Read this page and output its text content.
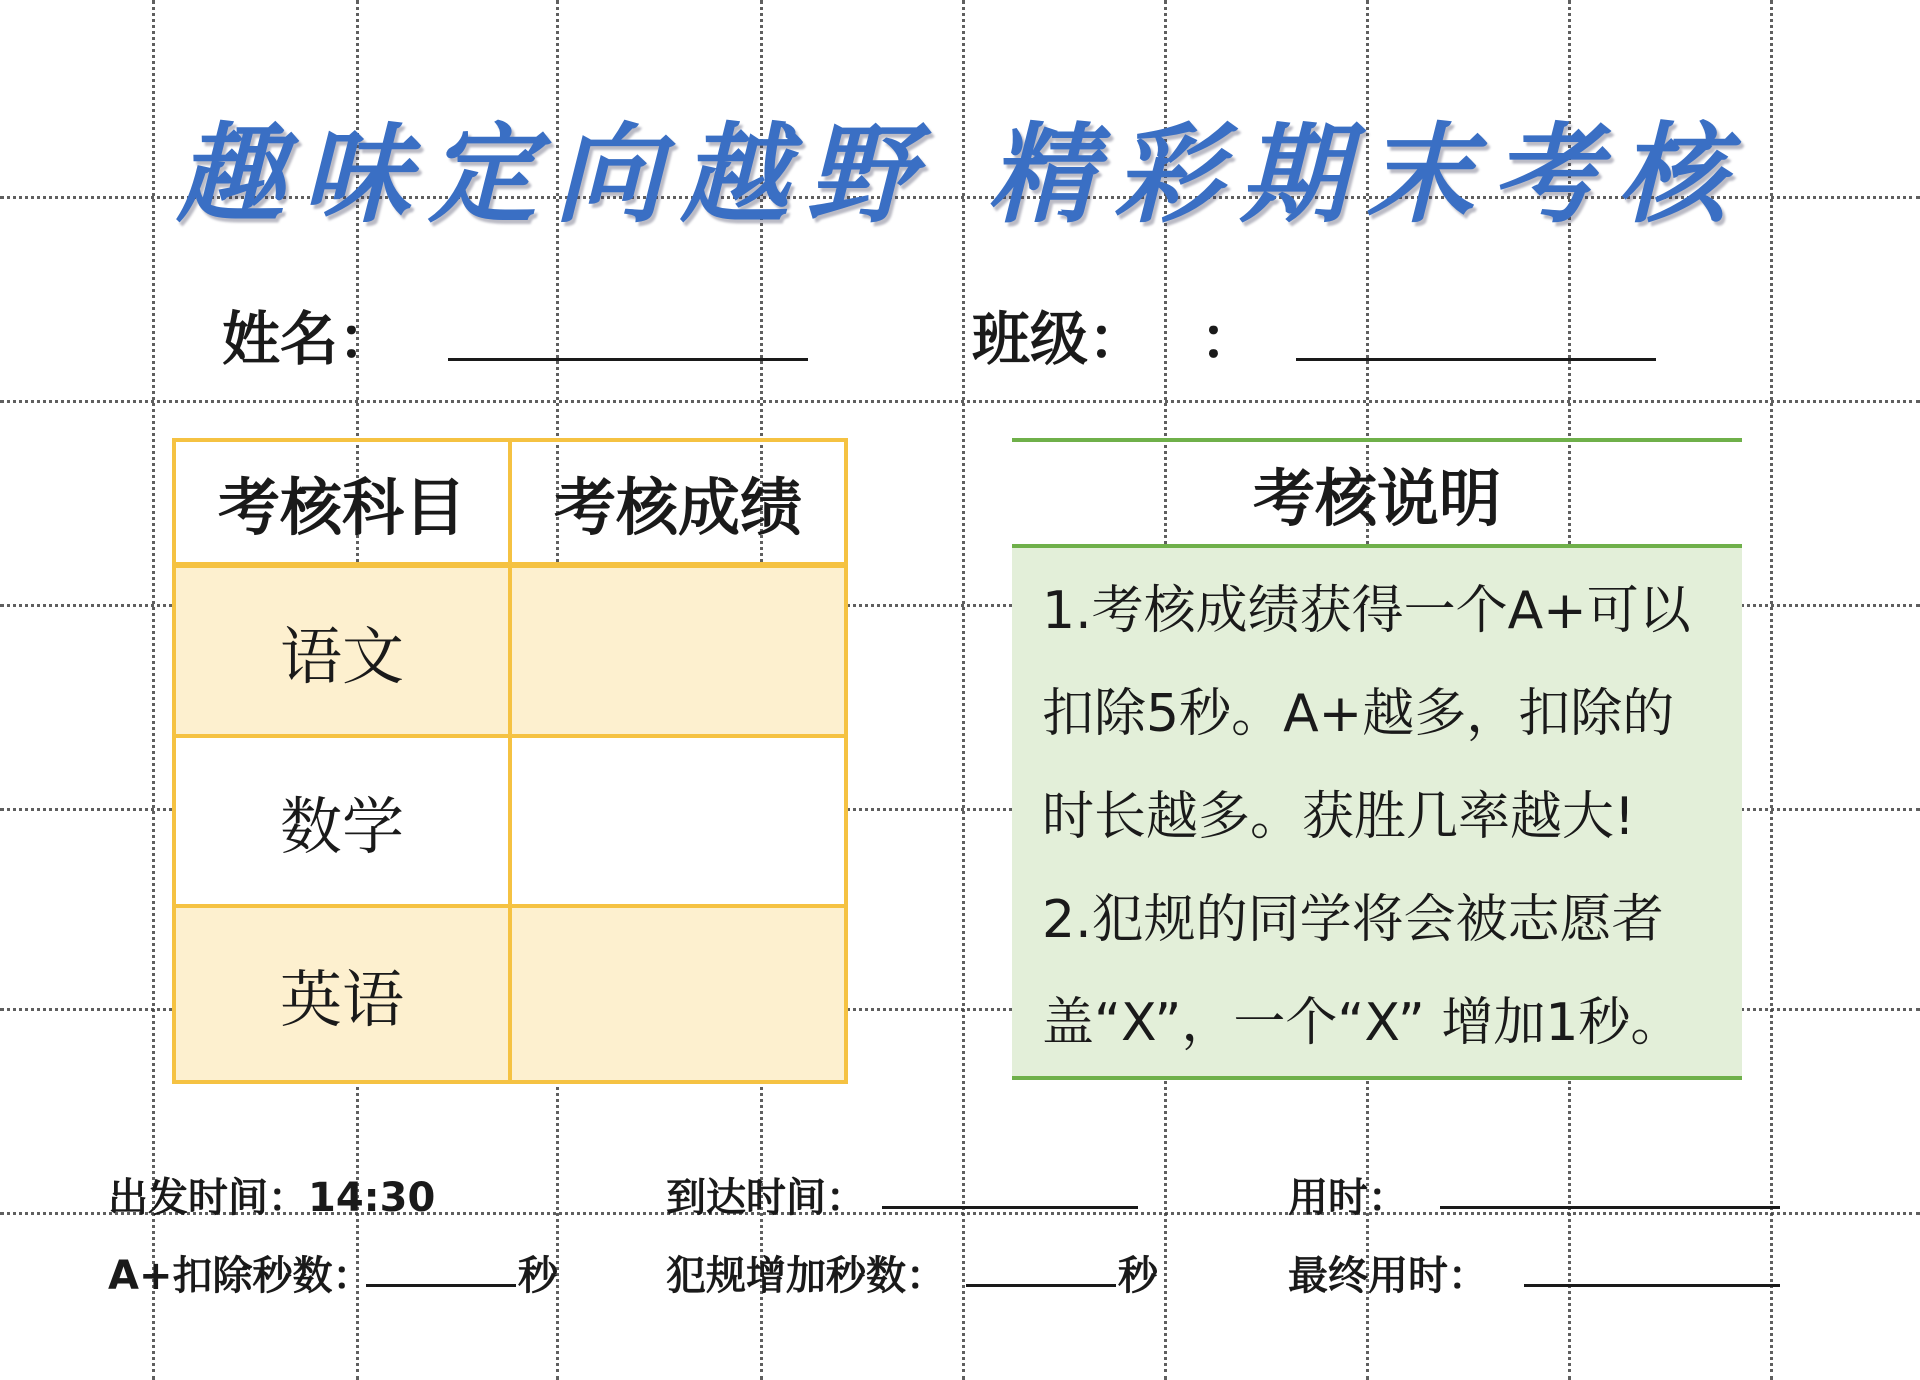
趣味定向越野 精彩期末考核
姓名：	班级： ：
考核科目	考核成绩
语文
数学
英语
考核说明
1.考核成绩获得一个A+可以
扣除5秒。A+越多，扣除的
时长越多。获胜几率越大!
2.犯规的同学将会被志愿者
盖“X”，一个“X” 增加1秒。
出发时间：14:30	到达时间：	用时：
A+扣除秒数：	秒	犯规增加秒数：	秒	最终用时：
